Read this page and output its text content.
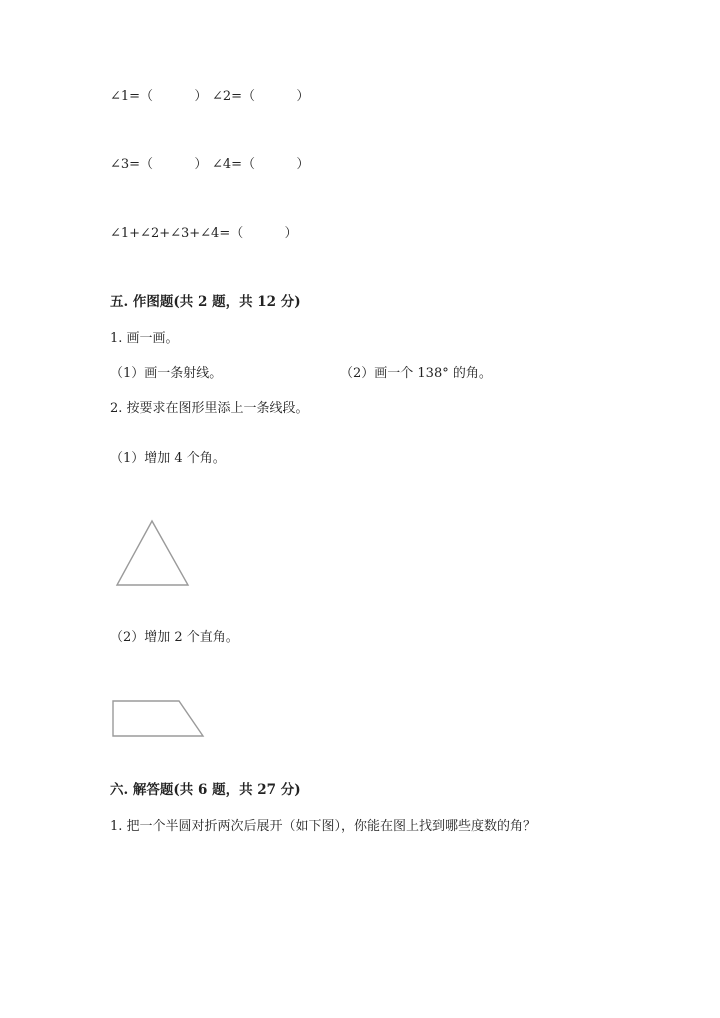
∠1=（          ） ∠2=（          ）
∠3=（          ） ∠4=（          ）
∠1+∠2+∠3+∠4=（          ）
五. 作图题(共 2 题，共 12 分)
1. 画一画。
（1）画一条射线。	（2）画一个 138° 的角。
2. 按要求在图形里添上一条线段。
（1）增加 4 个角。
（2）增加 2 个直角。
六. 解答题(共 6 题，共 27 分)
1. 把一个半圆对折两次后展开（如下图），你能在图上找到哪些度数的角？
